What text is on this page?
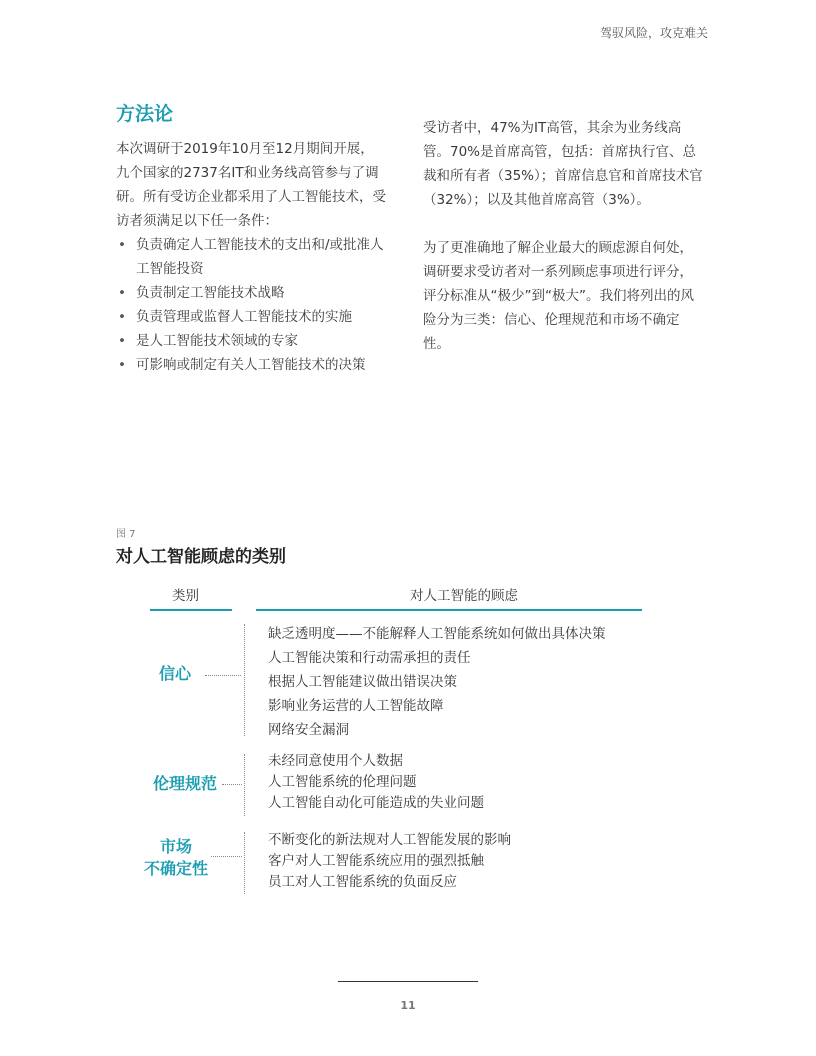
驾驭风险，攻克难关
方法论

本次调研于2019年10月至12月期间开展，九个国家的2737名IT和业务线高管参与了调研。所有受访企业都采用了人工智能技术，受访者须满足以下任一条件：

• 负责确定人工智能技术的支出和/或批准人工智能投资
• 负责制定工智能技术战略
• 负责管理或监督人工智能技术的实施
• 是人工智能技术领域的专家
• 可影响或制定有关人工智能技术的决策

受访者中，47%为IT高管，其余为业务线高管。70%是首席高管，包括：首席执行官、总裁和所有者（35%）；首席信息官和首席技术官（32%）；以及其他首席高管（3%）。

为了更准确地了解企业最大的顾虑源自何处，调研要求受访者对一系列顾虑事项进行评分，评分标准从“极少”到“极大”。我们将列出的风险分为三类：信心、伦理规范和市场不确定性。

图 7
对人工智能顾虑的类别
类别	对人工智能的顾虑
信心
缺乏透明度——不能解释人工智能系统如何做出具体决策
人工智能决策和行动需承担的责任
根据人工智能建议做出错误决策
影响业务运营的人工智能故障
网络安全漏洞
伦理规范
未经同意使用个人数据
人工智能系统的伦理问题
人工智能自动化可能造成的失业问题
市场
不确定性
不断变化的新法规对人工智能发展的影响
客户对人工智能系统应用的强烈抵触
员工对人工智能系统的负面反应
11
